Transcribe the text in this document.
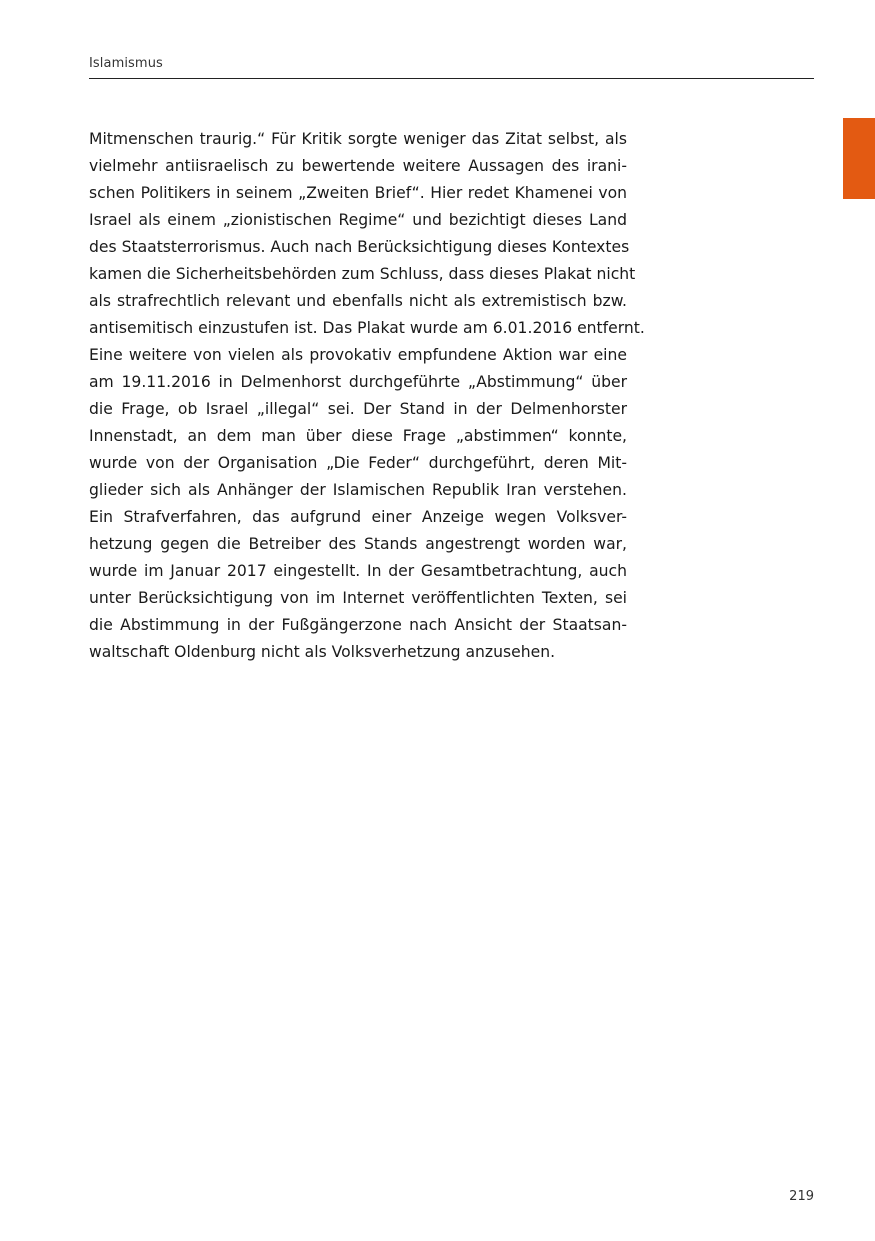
Islamismus
Mitmenschen traurig.“ Für Kritik sorgte weniger das Zitat selbst, als
vielmehr antiisraelisch zu bewertende weitere Aussagen des irani-
schen Politikers in seinem „Zweiten Brief“. Hier redet Khamenei von
Israel als einem „zionistischen Regime“ und bezichtigt dieses Land
des Staatsterrorismus. Auch nach Berücksichtigung dieses Kontextes
kamen die Sicherheitsbehörden zum Schluss, dass dieses Plakat nicht
als strafrechtlich relevant und ebenfalls nicht als extremistisch bzw.
antisemitisch einzustufen ist. Das Plakat wurde am 6.01.2016 entfernt.
Eine weitere von vielen als provokativ empfundene Aktion war eine
am 19.11.2016 in Delmenhorst durchgeführte „Abstimmung“ über
die Frage, ob Israel „illegal“ sei. Der Stand in der Delmenhorster
Innenstadt, an dem man über diese Frage „abstimmen“ konnte,
wurde von der Organisation „Die Feder“ durchgeführt, deren Mit-
glieder sich als Anhänger der Islamischen Republik Iran verstehen.
Ein Strafverfahren, das aufgrund einer Anzeige wegen Volksver-
hetzung gegen die Betreiber des Stands angestrengt worden war,
wurde im Januar 2017 eingestellt. In der Gesamtbetrachtung, auch
unter Berücksichtigung von im Internet veröffentlichten Texten, sei
die Abstimmung in der Fußgängerzone nach Ansicht der Staatsan-
waltschaft Oldenburg nicht als Volksverhetzung anzusehen.
219
